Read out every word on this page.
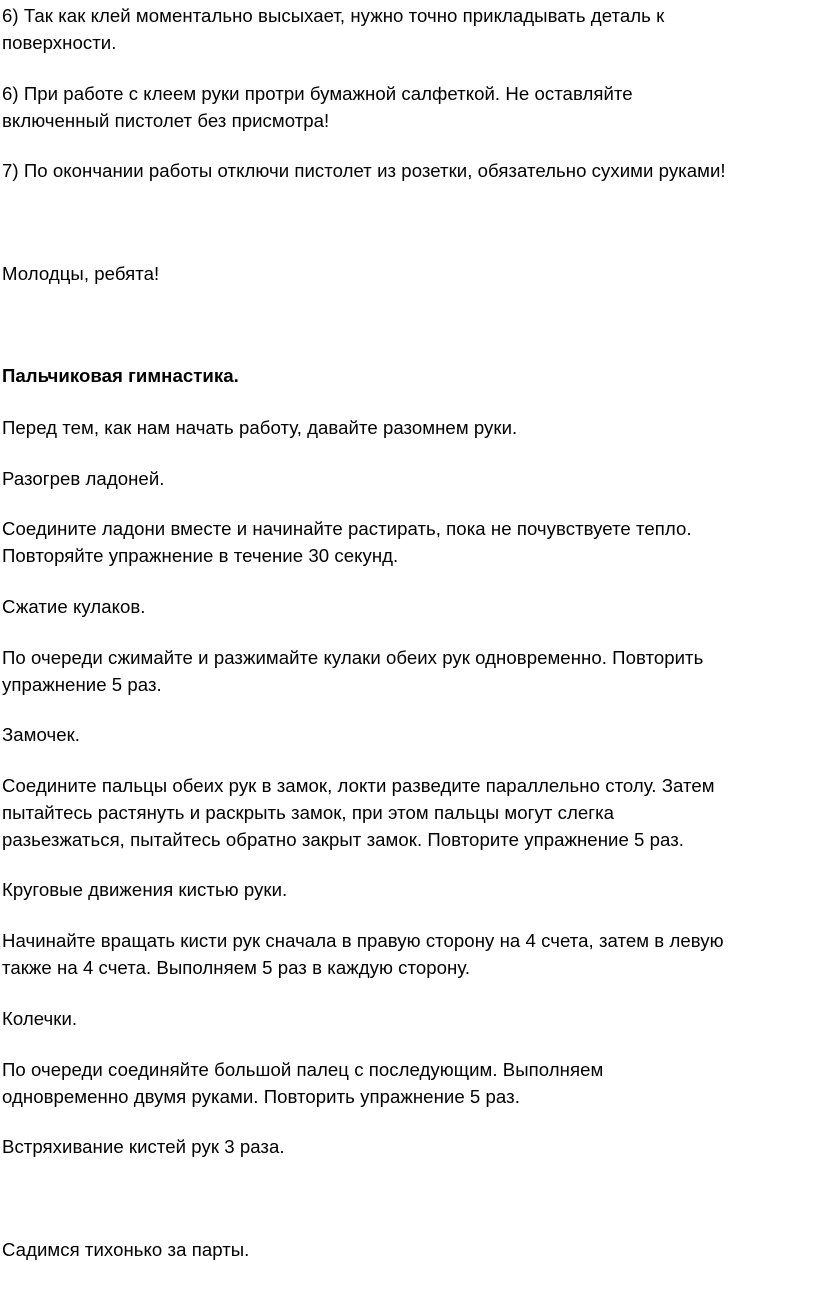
6) Так как клей моментально высыхает, нужно точно прикладывать деталь к

поверхности.

6) При работе с клеем руки протри бумажной салфеткой. Не оставляйте

включенный пистолет без присмотра!

7) По окончании работы отключи пистолет из розетки, обязательно сухими руками!

Молодцы, ребята!

Пальчиковая гимнастика.

Перед тем, как нам начать работу, давайте разомнем руки.

Разогрев ладоней.

Соедините ладони вместе и начинайте растирать, пока не почувствуете тепло.

Повторяйте упражнение в течение 30 секунд.

Сжатие кулаков.

По очереди сжимайте и разжимайте кулаки обеих рук одновременно. Повторить

упражнение 5 раз.

Замочек.

Соедините пальцы обеих рук в замок, локти разведите параллельно столу. Затем

пытайтесь растянуть и раскрыть замок, при этом пальцы могут слегка

разьезжаться, пытайтесь обратно закрыт замок. Повторите упражнение 5 раз.

Круговые движения кистью руки.

Начинайте вращать кисти рук сначала в правую сторону на 4 счета, затем в левую

также на 4 счета. Выполняем 5 раз в каждую сторону.

Колечки.

По очереди соединяйте большой палец с последующим. Выполняем

одновременно двумя руками. Повторить упражнение 5 раз.

Встряхивание кистей рук 3 раза.

Садимся тихонько за парты.
